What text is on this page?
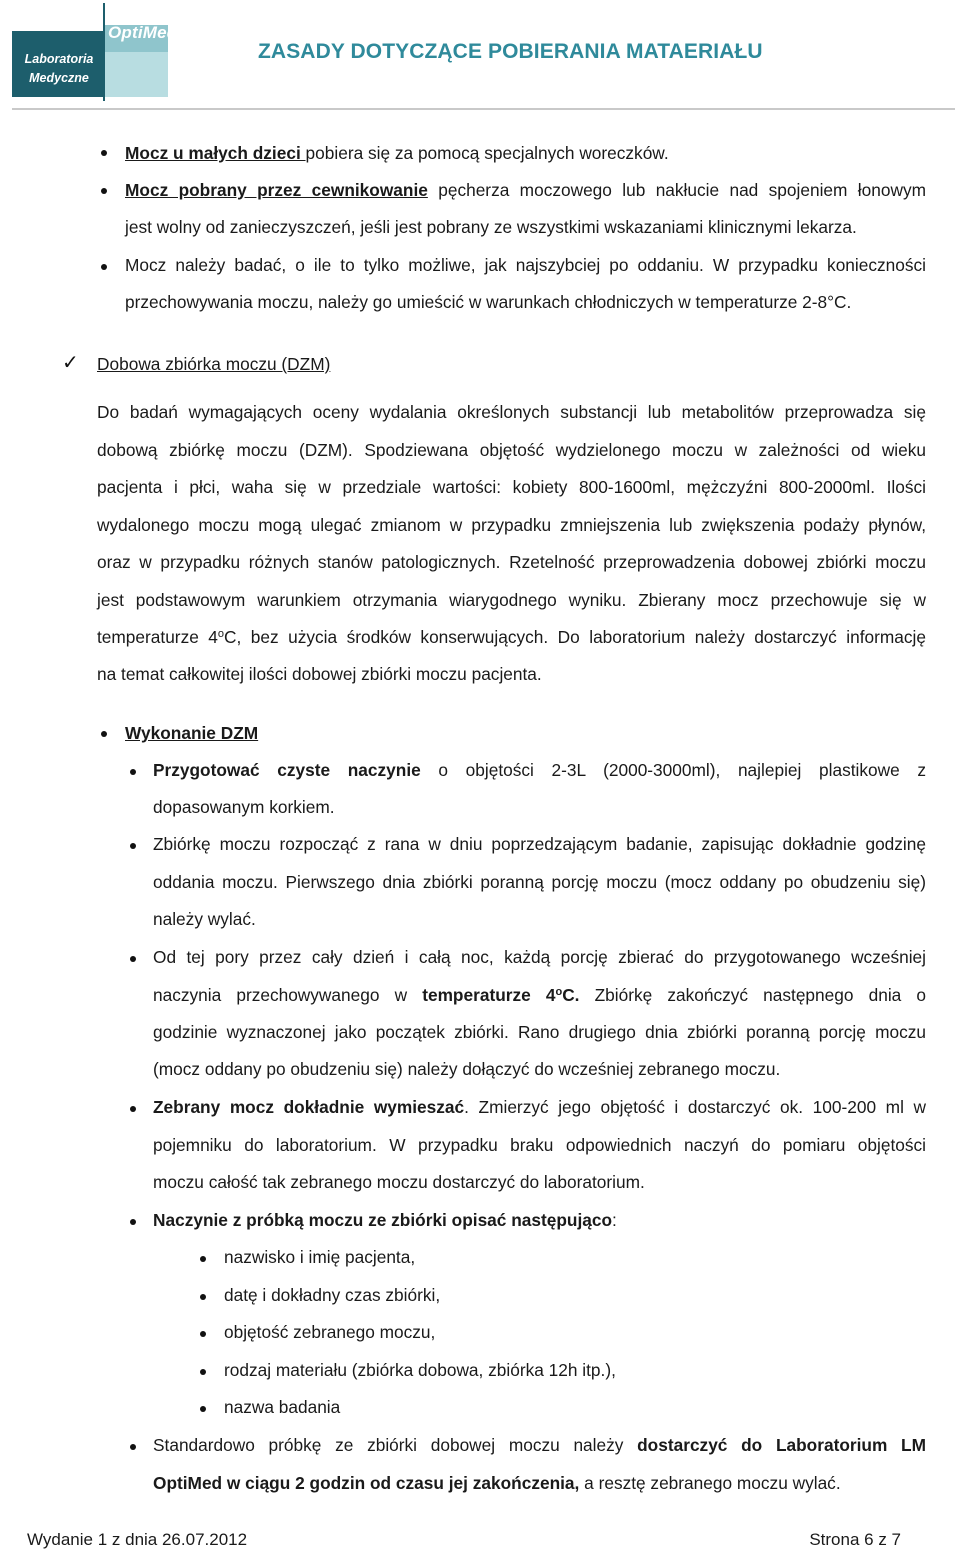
OptiMed
Laboratoria
Medyczne
ZASADY DOTYCZĄCE POBIERANIA MATAERIAŁU
Mocz u małych dzieci pobiera się za pomocą specjalnych woreczków.
Mocz pobrany przez cewnikowanie pęcherza moczowego lub nakłucie nad spojeniem łonowym
jest wolny od zanieczyszczeń, jeśli jest pobrany ze wszystkimi wskazaniami klinicznymi lekarza.
Mocz należy badać, o ile to tylko możliwe, jak najszybciej po oddaniu. W przypadku konieczności
przechowywania moczu, należy go umieścić w warunkach chłodniczych w temperaturze 2-8°C.
✓ Dobowa zbiórka moczu (DZM)
Do badań wymagających oceny wydalania określonych substancji lub metabolitów przeprowadza się
dobową zbiórkę moczu (DZM). Spodziewana objętość wydzielonego moczu w zależności od wieku
pacjenta i płci, waha się w przedziale wartości: kobiety 800-1600ml, mężczyźni 800-2000ml. Ilości
wydalonego moczu mogą ulegać zmianom w przypadku zmniejszenia lub zwiększenia podaży płynów,
oraz w przypadku różnych stanów patologicznych. Rzetelność przeprowadzenia dobowej zbiórki moczu
jest podstawowym warunkiem otrzymania wiarygodnego wyniku. Zbierany mocz przechowuje się w
temperaturze 4$^o$C, bez użycia środków konserwujących. Do laboratorium należy dostarczyć informację
na temat całkowitej ilości dobowej zbiórki moczu pacjenta.
Wykonanie DZM
Przygotować czyste naczynie o objętości 2-3L (2000-3000ml), najlepiej plastikowe z
dopasowanym korkiem.
Zbiórkę moczu rozpocząć z rana w dniu poprzedzającym badanie, zapisując dokładnie godzinę
oddania moczu. Pierwszego dnia zbiórki poranną porcję moczu (mocz oddany po obudzeniu się)
należy wylać.
Od tej pory przez cały dzień i całą noc, każdą porcję zbierać do przygotowanego wcześniej
naczynia przechowywanego w temperaturze 4$^o$C. Zbiórkę zakończyć następnego dnia o
godzinie wyznaczonej jako początek zbiórki. Rano drugiego dnia zbiórki poranną porcję moczu
(mocz oddany po obudzeniu się) należy dołączyć do wcześniej zebranego moczu.
Zebrany mocz dokładnie wymieszać. Zmierzyć jego objętość i dostarczyć ok. 100-200 ml w
pojemniku do laboratorium. W przypadku braku odpowiednich naczyń do pomiaru objętości
moczu całość tak zebranego moczu dostarczyć do laboratorium.
Naczynie z próbką moczu ze zbiórki opisać następująco:
nazwisko i imię pacjenta,
datę i dokładny czas zbiórki,
objętość zebranego moczu,
rodzaj materiału (zbiórka dobowa, zbiórka 12h itp.),
nazwa badania
Standardowo próbkę ze zbiórki dobowej moczu należy dostarczyć do Laboratorium LM
OptiMed w ciągu 2 godzin od czasu jej zakończenia, a resztę zebranego moczu wylać.
Wydanie 1 z dnia 26.07.2012	Strona 6 z 7
